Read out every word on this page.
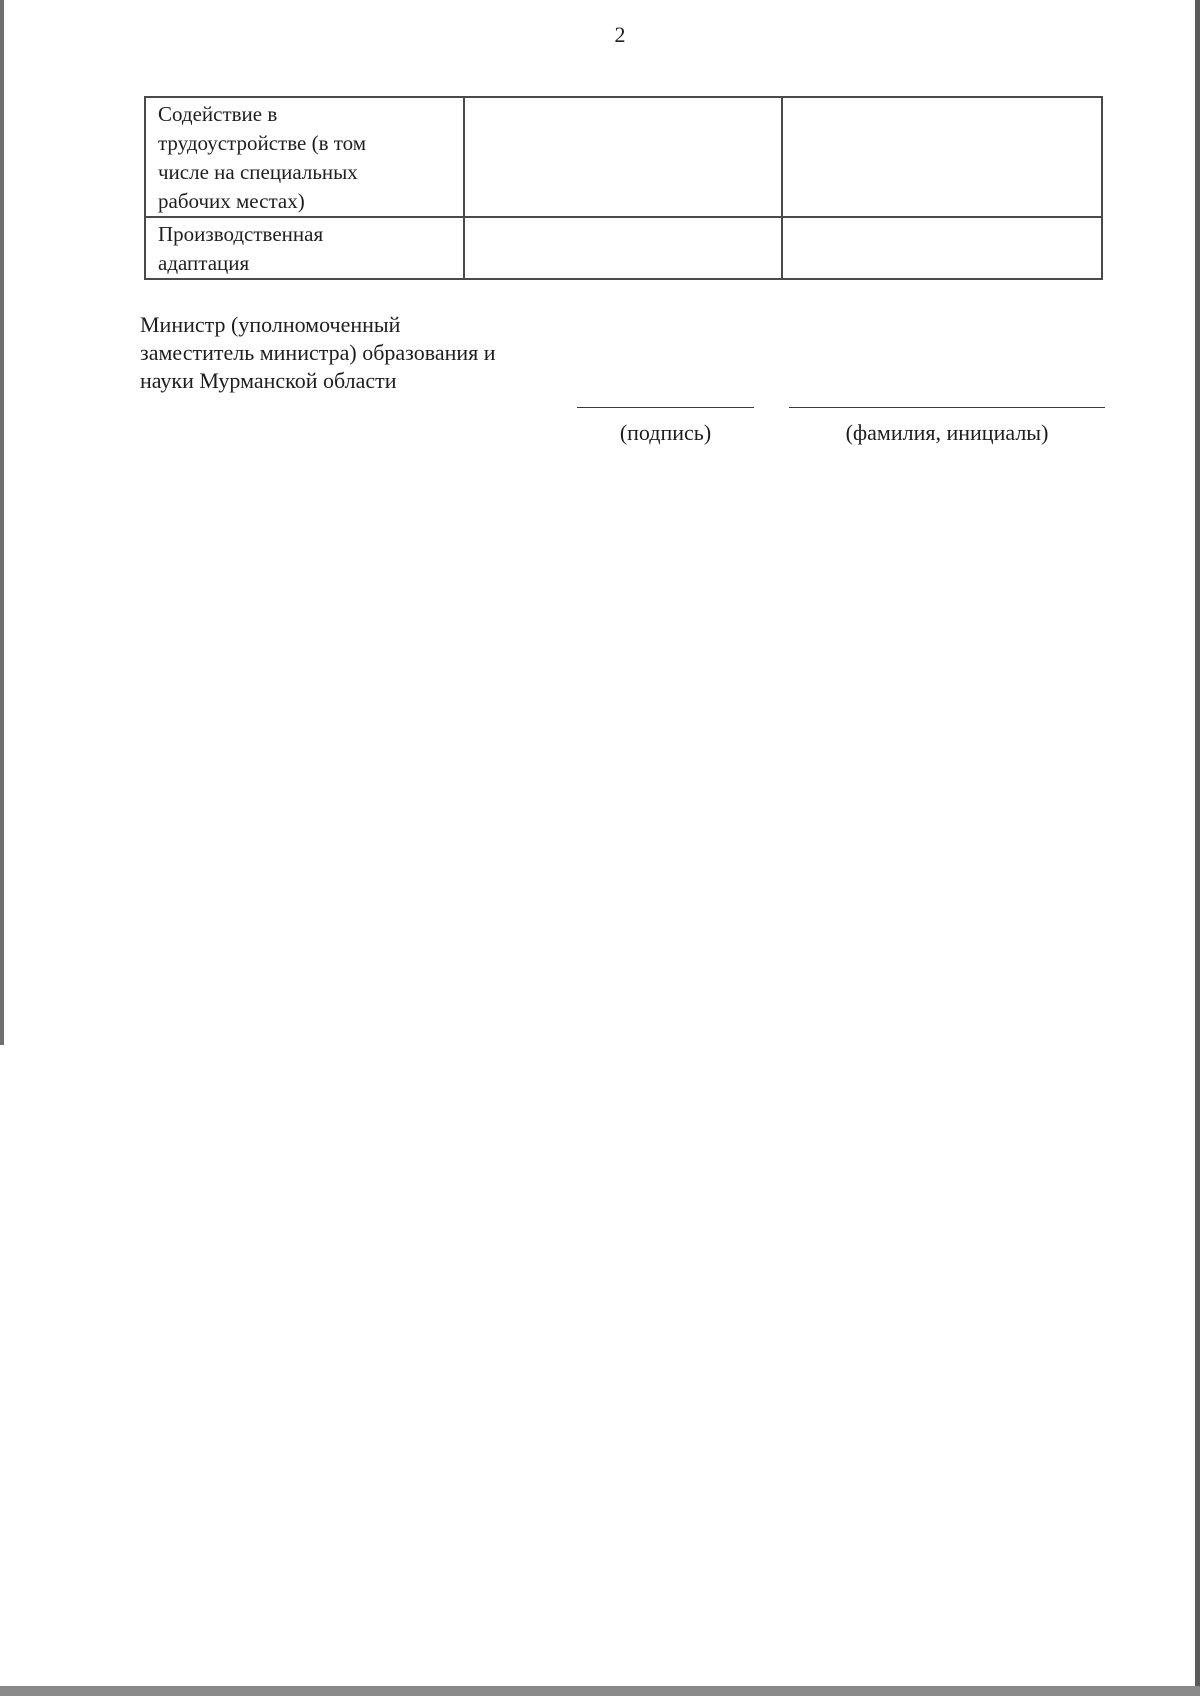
2
Содействие в
трудоустройстве (в том
числе на специальных
рабочих местах)		
Производственная
адаптация		
Министр (уполномоченный
заместитель министра) образования и
науки Мурманской области
(подпись)	(фамилия, инициалы)
